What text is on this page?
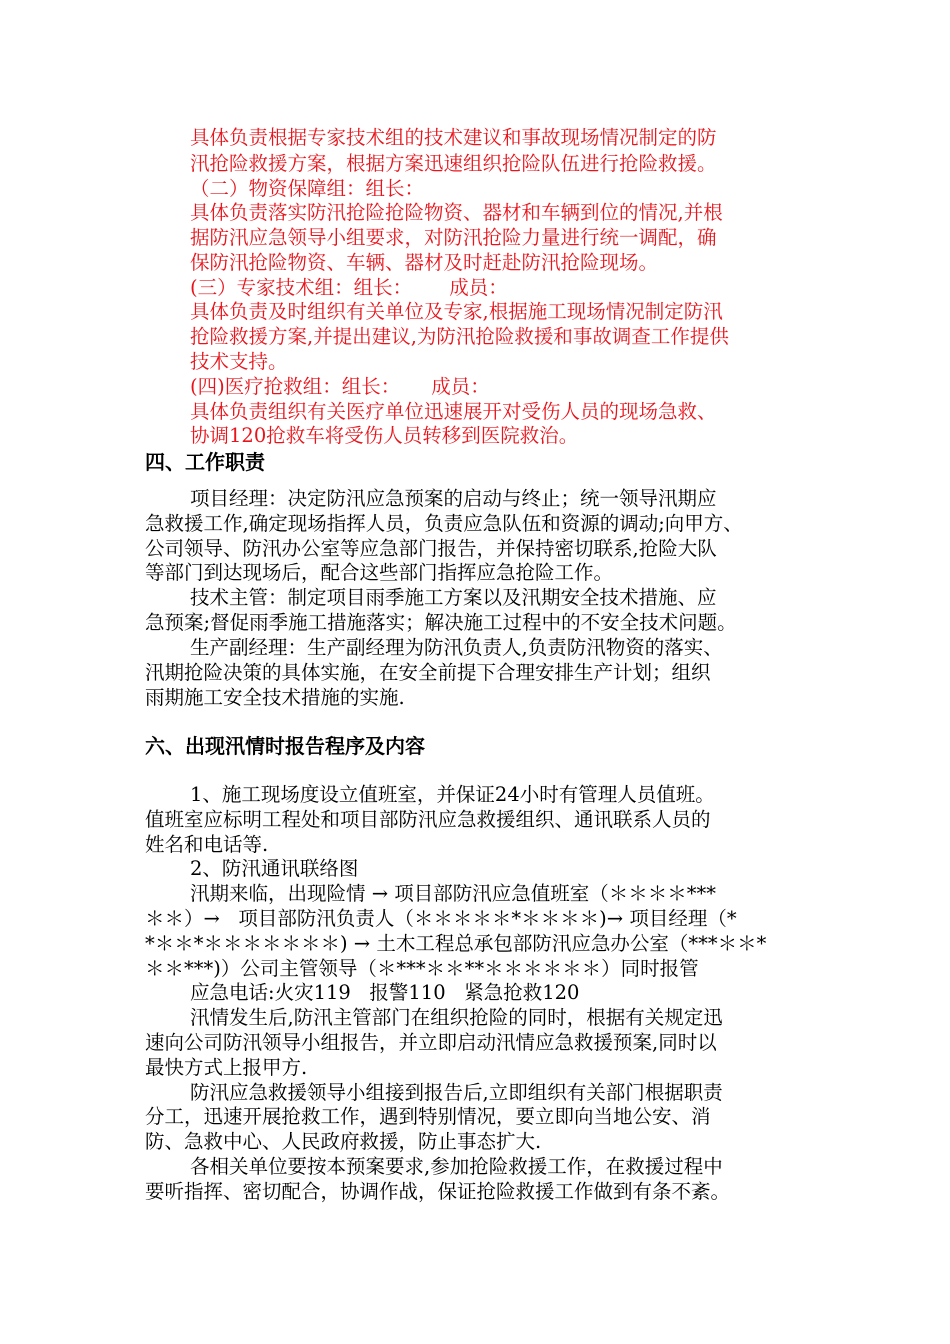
具体负责根据专家技术组的技术建议和事故现场情况制定的防
汛抢险救援方案，根据方案迅速组织抢险队伍进行抢险救援。
（二）物资保障组：组长：
具体负责落实防汛抢险抢险物资、器材和车辆到位的情况,并根
据防汛应急领导小组要求，对防汛抢险力量进行统一调配，确
保防汛抢险物资、车辆、器材及时赶赴防汛抢险现场。
(三）专家技术组：组长：      成员：
具体负责及时组织有关单位及专家,根据施工现场情况制定防汛
抢险救援方案,并提出建议,为防汛抢险救援和事故调查工作提供
技术支持。
(四)医疗抢救组：组长：     成员：
具体负责组织有关医疗单位迅速展开对受伤人员的现场急救、
协调120抢救车将受伤人员转移到医院救治。
四、工作职责
项目经理：决定防汛应急预案的启动与终止；统一领导汛期应
急救援工作,确定现场指挥人员，负责应急队伍和资源的调动;向甲方、
公司领导、防汛办公室等应急部门报告，并保持密切联系,抢险大队
等部门到达现场后，配合这些部门指挥应急抢险工作。
技术主管：制定项目雨季施工方案以及汛期安全技术措施、应
急预案;督促雨季施工措施落实；解决施工过程中的不安全技术问题。
生产副经理：生产副经理为防汛负责人,负责防汛物资的落实、
汛期抢险决策的具体实施，在安全前提下合理安排生产计划；组织
雨期施工安全技术措施的实施.
六、出现汛情时报告程序及内容
1、施工现场度设立值班室，并保证24小时有管理人员值班。
值班室应标明工程处和项目部防汛应急救援组织、通讯联系人员的
姓名和电话等.
2、防汛通讯联络图
汛期来临，出现险情 → 项目部防汛应急值班室（＊＊＊＊***
＊＊）→   项目部防汛负责人（＊＊＊＊＊*＊＊＊＊)→ 项目经理（*
*＊＊*＊＊＊＊＊＊＊) → 土木工程总承包部防汛应急办公室（***＊＊*
＊＊***)）公司主管领导（＊***＊＊**＊＊＊＊＊＊）同时报管
应急电话:火灾119   报警110   紧急抢救120
汛情发生后,防汛主管部门在组织抢险的同时，根据有关规定迅
速向公司防汛领导小组报告，并立即启动汛情应急救援预案,同时以
最快方式上报甲方.
防汛应急救援领导小组接到报告后,立即组织有关部门根据职责
分工，迅速开展抢救工作，遇到特别情况，要立即向当地公安、消
防、急救中心、人民政府救援，防止事态扩大.
各相关单位要按本预案要求,参加抢险救援工作，在救援过程中
要听指挥、密切配合，协调作战，保证抢险救援工作做到有条不紊。
